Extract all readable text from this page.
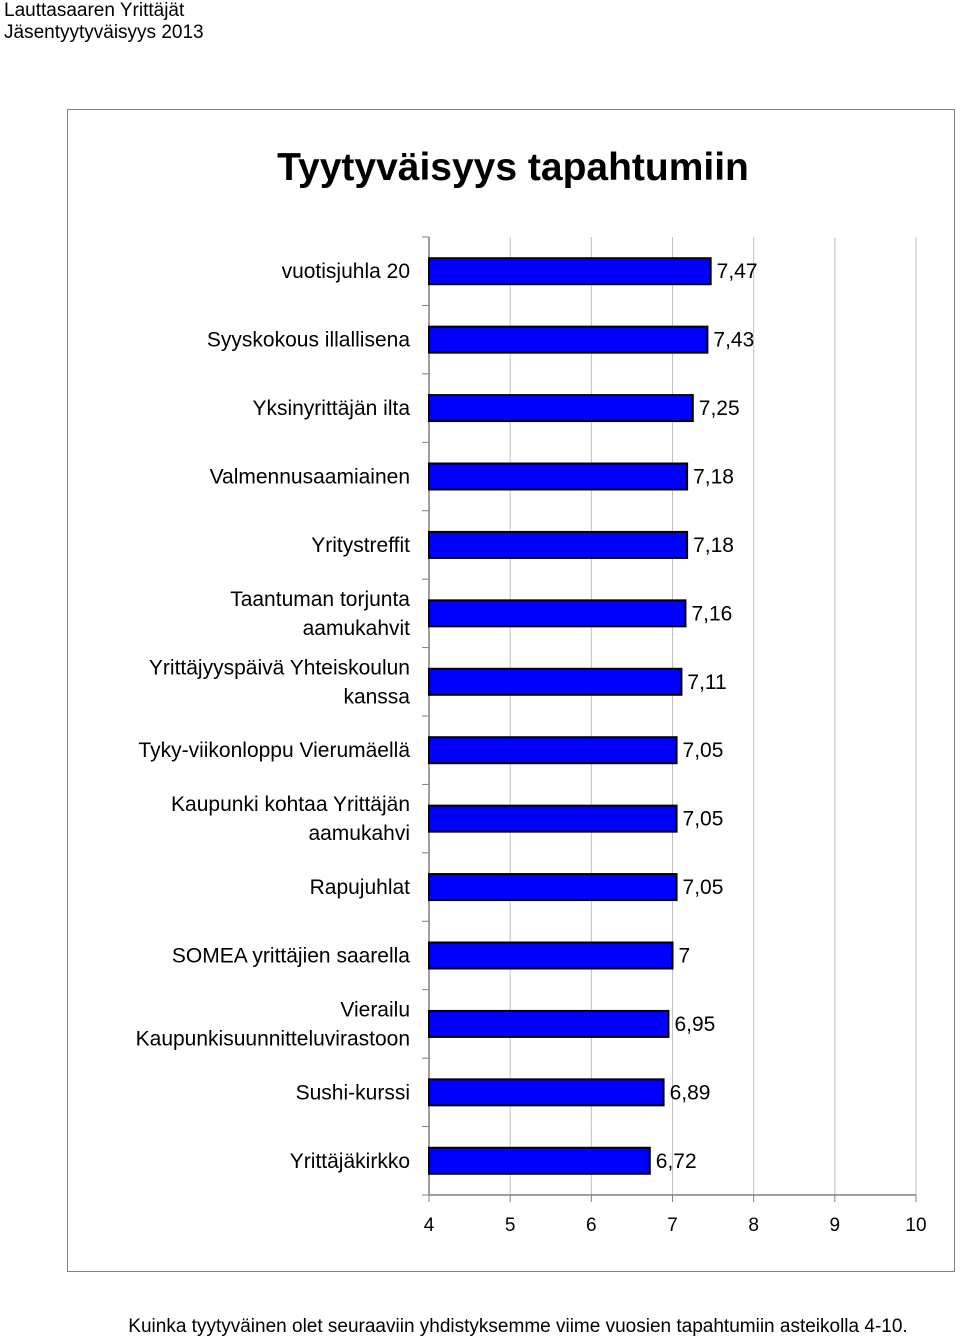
Lauttasaaren Yrittäjät
Jäsentyytyväisyys 2013
Tyytyväisyys tapahtumiin
4	5	6	7	8	9	10
7,47
vuotisjuhla 20
7,43
Syyskokous illallisena
7,25
Yksinyrittäjän ilta
7,18
Valmennusaamiainen
7,18
Yritystreffit
7,16
Taantuman torjunta
aamukahvit
7,11
Yrittäjyyspäivä Yhteiskoulun
kanssa
7,05
Tyky-viikonloppu Vierumäellä
7,05
Kaupunki kohtaa Yrittäjän
aamukahvi
7,05
Rapujuhlat
7
SOMEA yrittäjien saarella
6,95
Vierailu
Kaupunkisuunnitteluvirastoon
6,89
Sushi-kurssi
6,72
Yrittäjäkirkko
Kuinka tyytyväinen olet seuraaviin yhdistyksemme viime vuosien tapahtumiin asteikolla 4-10.
